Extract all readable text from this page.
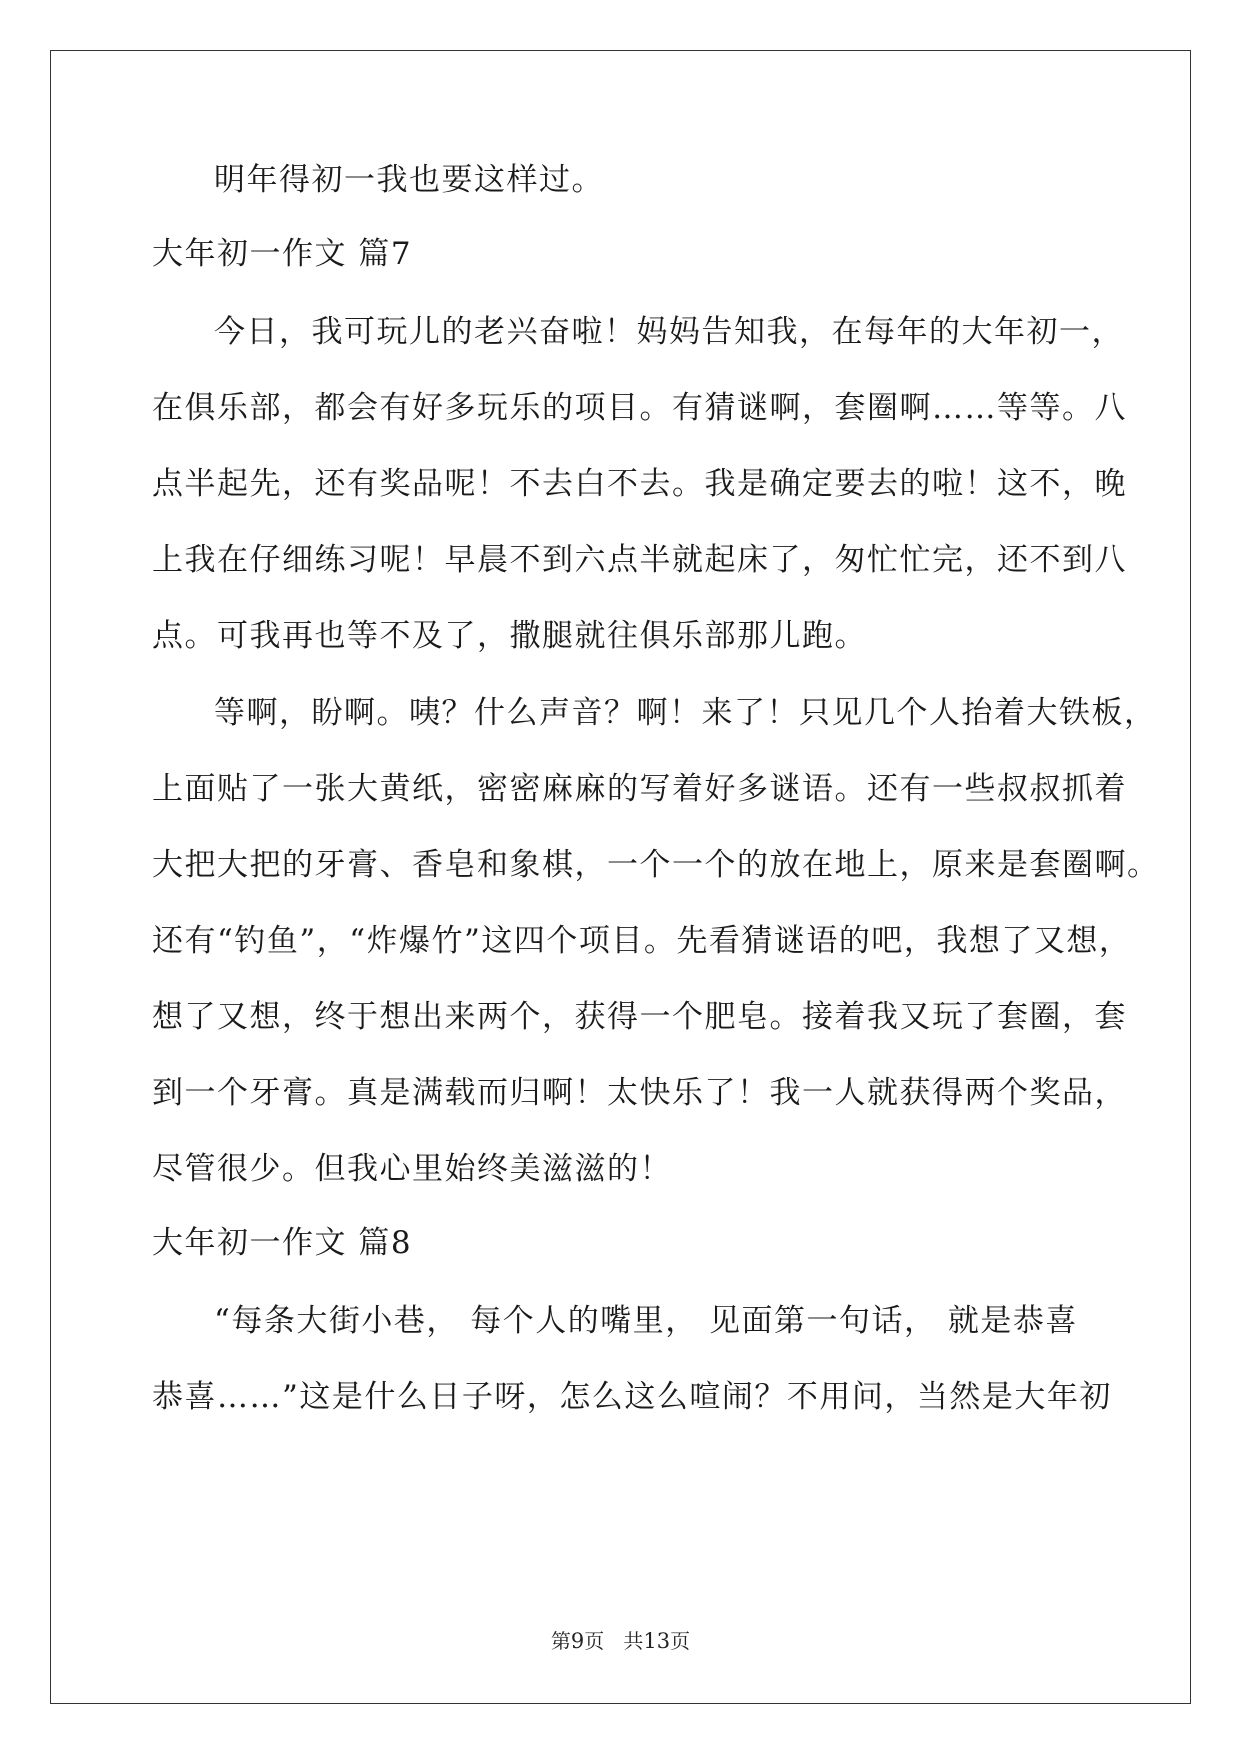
明年得初一我也要这样过。
大年初一作文 篇7
今日，我可玩儿的老兴奋啦！妈妈告知我，在每年的大年初一，
在俱乐部，都会有好多玩乐的项目。有猜谜啊，套圈啊……等等。八
点半起先，还有奖品呢！不去白不去。我是确定要去的啦！这不，晚
上我在仔细练习呢！早晨不到六点半就起床了，匆忙忙完，还不到八
点。可我再也等不及了，撒腿就往俱乐部那儿跑。
等啊，盼啊。咦？什么声音？啊！来了！只见几个人抬着大铁板，
上面贴了一张大黄纸，密密麻麻的写着好多谜语。还有一些叔叔抓着
大把大把的牙膏、香皂和象棋，一个一个的放在地上，原来是套圈啊。
还有“钓鱼”，“炸爆竹”这四个项目。先看猜谜语的吧，我想了又想，
想了又想，终于想出来两个，获得一个肥皂。接着我又玩了套圈，套
到一个牙膏。真是满载而归啊！太快乐了！我一人就获得两个奖品，
尽管很少。但我心里始终美滋滋的！
大年初一作文 篇8
“每条大街小巷， 每个人的嘴里， 见面第一句话， 就是恭喜
恭喜……”这是什么日子呀，怎么这么喧闹？不用问，当然是大年初
第9页 共13页
